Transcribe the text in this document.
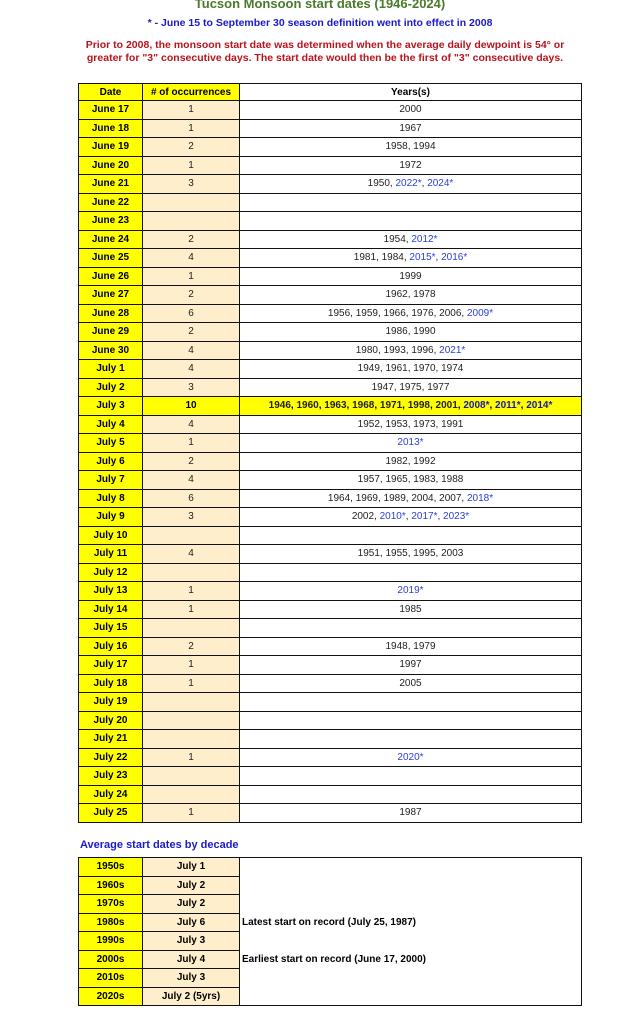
Tucson Monsoon start dates (1946-2024)
* - June 15 to September 30 season definition went into effect in 2008
Prior to 2008, the monsoon start date was determined when the average daily dewpoint is 54° or greater for "3" consecutive days. The start date would then be the first of "3" consecutive days.
Date	# of occurrences	Years(s)
June 17	1	2000
June 18	1	1967
June 19	2	1958, 1994
June 20	1	1972
June 21	3	1950, 2022*, 2024*
June 22		
June 23		
June 24	2	1954, 2012*
June 25	4	1981, 1984, 2015*, 2016*
June 26	1	1999
June 27	2	1962, 1978
June 28	6	1956, 1959, 1966, 1976, 2006, 2009*
June 29	2	1986, 1990
June 30	4	1980, 1993, 1996, 2021*
July 1	4	1949, 1961, 1970, 1974
July 2	3	1947, 1975, 1977
July 3	10	1946, 1960, 1963, 1968, 1971, 1998, 2001, 2008*, 2011*, 2014*
July 4	4	1952, 1953, 1973, 1991
July 5	1	2013*
July 6	2	1982, 1992
July 7	4	1957, 1965, 1983, 1988
July 8	6	1964, 1969, 1989, 2004, 2007, 2018*
July 9	3	2002, 2010*, 2017*, 2023*
July 10		
July 11	4	1951, 1955, 1995, 2003
July 12		
July 13	1	2019*
July 14	1	1985
July 15		
July 16	2	1948, 1979
July 17	1	1997
July 18	1	2005
July 19		
July 20		
July 21		
July 22	1	2020*
July 23		
July 24		
July 25	1	1987
Average start dates by decade
1950s	July 1	
1960s	July 2	
1970s	July 2	
1980s	July 6	Latest start on record (July 25, 1987)
1990s	July 3	
2000s	July 4	Earliest start on record (June 17, 2000)
2010s	July 3	
2020s	July 2 (5yrs)	
